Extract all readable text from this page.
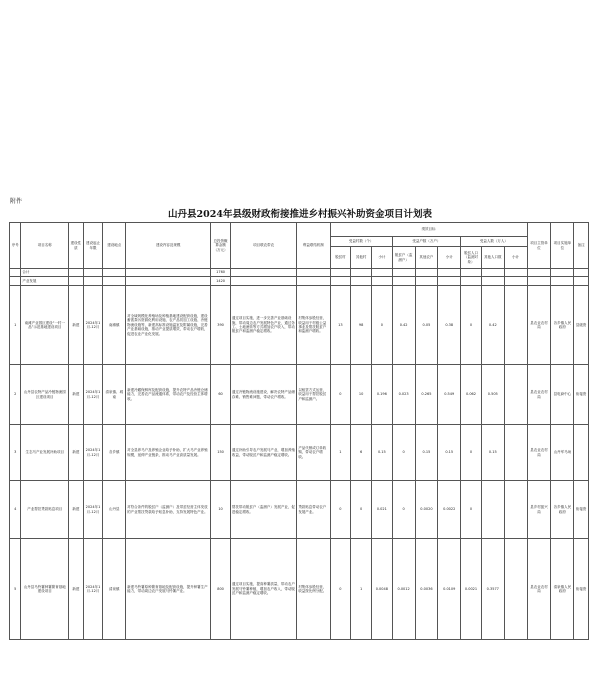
附件
山丹县2024年县级财政衔接推进乡村振兴补助资金项目计划表
序号	项目名称	建设性质	建设起止年限	建设地点	建设内容及规模	总投资概算金额（万元）	项目联农带农	利益联结机制	绩效目标									项目主管单位	项目实施单位	备注
									受益村数（个）			受益户数（万户）			受益人数（万人）					
									脱贫村	其他村	小计	脱贫户（监测户）	其他农户	小计	脱贫人口（监测对象）	其他人口数	小计			
	合计					1760														
	产业发展					1420														
1	南滩产业园区建设“一村一品”示范基地建设项目	新建	2024年1月-12月	南滩镇	对全域规模化养殖场及种植基地建设配套设施，建设畜禽粪污资源化利用设施、农产品初加工设施、冷链物流设施等，新建高标准设施温室及附属设施，完善产业基础设施，推动产业提质增效，带动农户增收，促进农业产业化发展。	390	通过项目实施，进一步完善产业基础设施，带动周边农户发展特色产业，通过务工、土地流转等方式增加农户收入，带动脱贫户和监测户稳定增收。	村集体参股经营，收益用于村级公益事业及帮扶脱贫户和监测户增收。	13	98	0	0.42	0.05	0.38	0	0.42		县农业农村局	各乡镇人民政府	县级资
2	山丹县农特产品冷链物流园区建设项目	新建	2024年1月-12月	清泉镇、城南	新建冷藏保鲜库及配套设施，提升农特产品冷链仓储能力，完善农产品流通体系，带动农户及经营主体增收。	60	通过冷链物流设施建设，解决农特产品储存难、销售难问题，带动农户增收。	以租赁方式运营，收益用于帮扶脱贫户和监测户。	0	10	0.196	0.023	0.265	0.549	0.062	0.505		县农业农村局	县电商中心	衔接资
3	生态马产业发展补助项目	新建	2024年1月-12月	各乡镇	对全县养马户及养殖企业给予补助，扩大马产业养殖规模，延伸产业链条，推动马产业高质量发展。	150	通过补助引导农户发展马产业，增加养殖收益，带动脱贫户和监测户稳定增收。	产品代销或订单收购，带动农户增收。	1	6	0.15	0	0.15	0.15	0	0.15		县农业农村局	山丹军马场	
4	产业帮扶贷款贴息项目	新建	2024年1月-12月	山丹县	对符合条件的脱贫户（监测户）及带贫经营主体发放的产业帮扶贷款给予贴息补助，支持发展特色产业。	10	帮扶带动脱贫户（监测户）发展产业，促进稳定增收。	贷款贴息带动农户发展产业。	0	0	0.021	0	0.0020	0.0022	0			县乡村振兴局	各乡镇人民政府	衔接资
5	山丹县马铃薯种薯繁育基地建设项目	新建	2024年1月-12月	清泉镇	新建马铃薯原种繁育基地及配套设施，提升种薯生产能力，带动周边农户发展马铃薯产业。	800	通过项目实施，提高种薯质量，带动农户发展马铃薯种植，增加农户收入，带动脱贫户和监测户稳定增收。	村集体参股经营，收益按比例分配。	0	1	0.0048	0.0012	0.0036	0.0109	0.0021	0.3577		县农业农村局	清泉镇人民政府	衔接资
